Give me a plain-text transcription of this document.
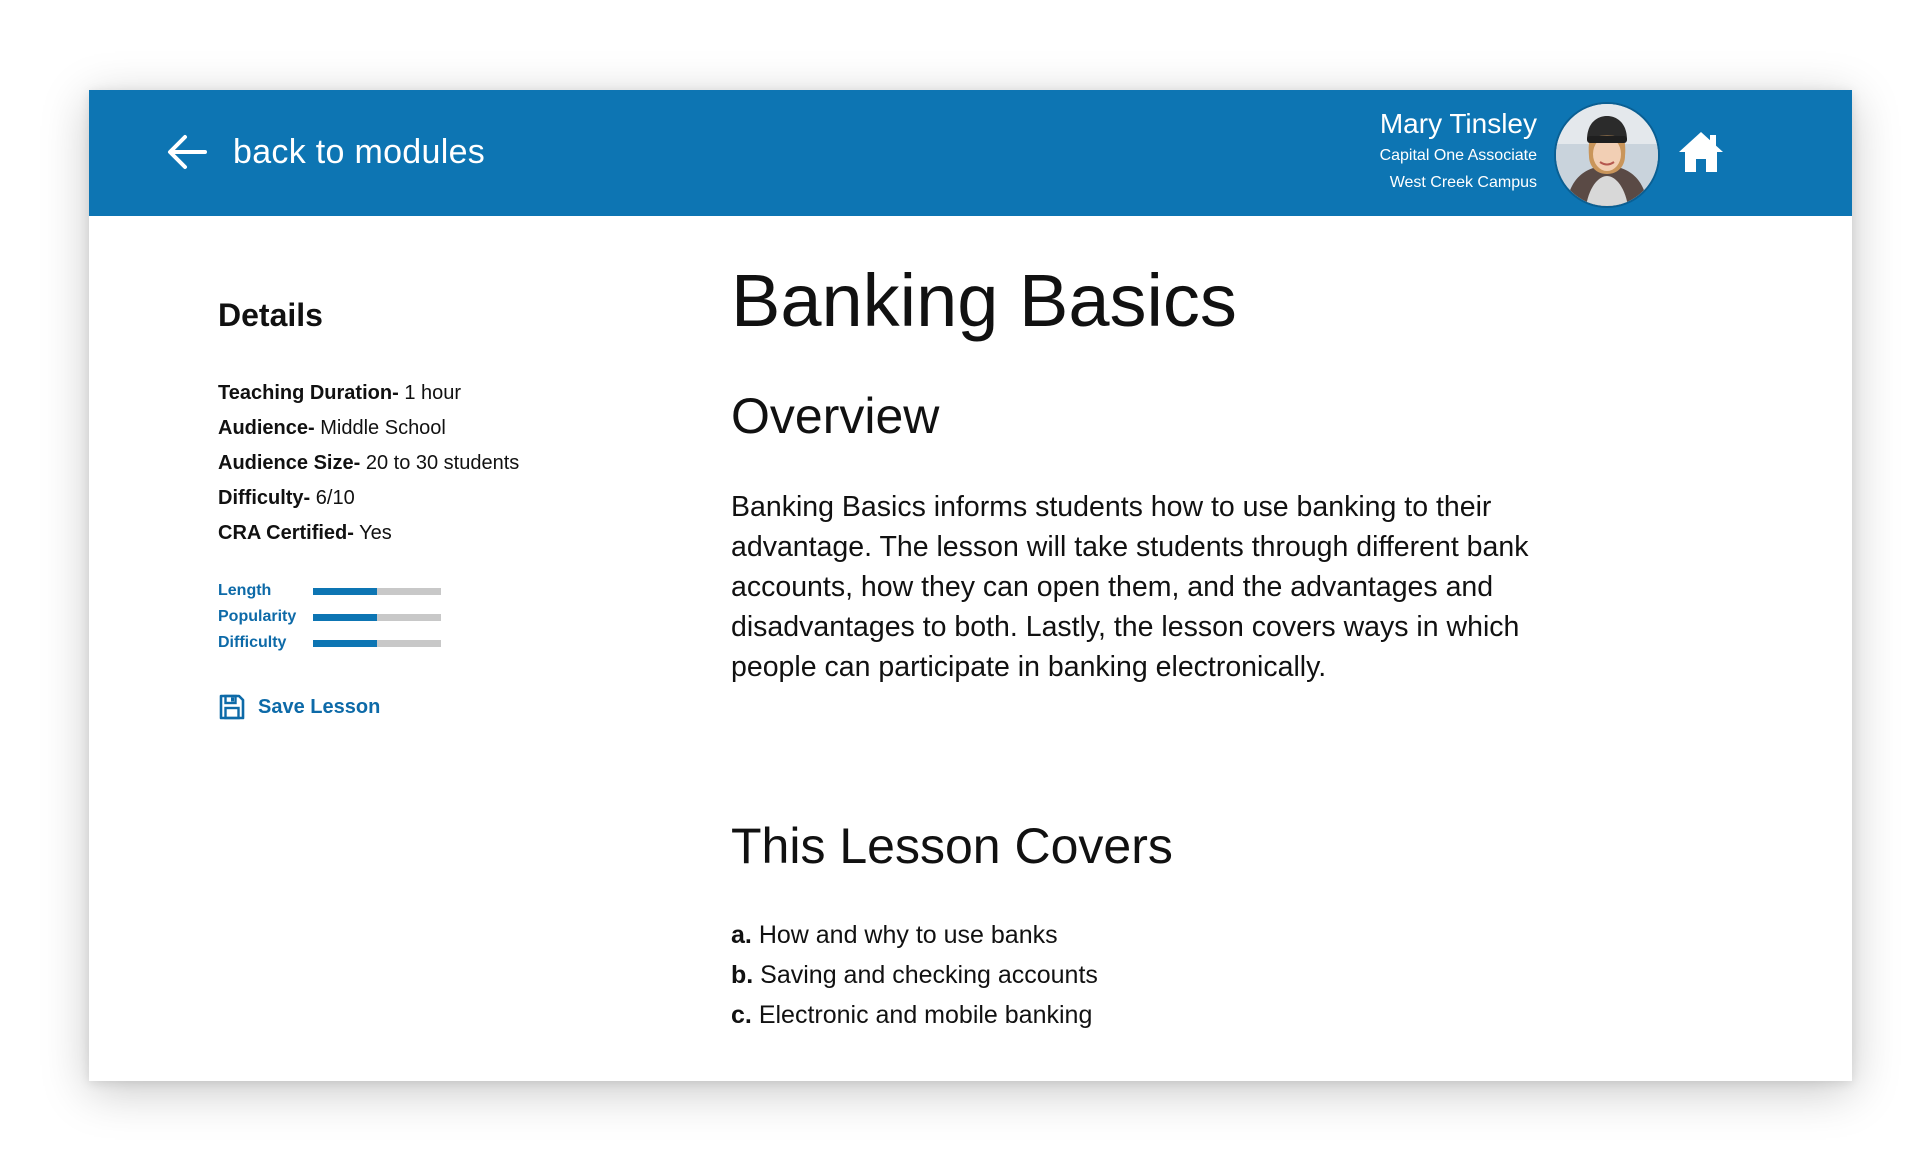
back to modules
Mary Tinsley
Capital One Associate
West Creek Campus
Details
Teaching Duration- 1 hour
Audience- Middle School
Audience Size- 20 to 30 students
Difficulty- 6/10
CRA Certified- Yes
Length
Popularity
Difficulty
Save Lesson
Banking Basics
Overview
Banking Basics informs students how to use banking to their advantage. The lesson will take students through different bank accounts, how they can open them, and the advantages and disadvantages to both. Lastly, the lesson covers ways in which people can participate in banking electronically.
This Lesson Covers
a. How and why to use banks
b. Saving and checking accounts
c. Electronic and mobile banking
